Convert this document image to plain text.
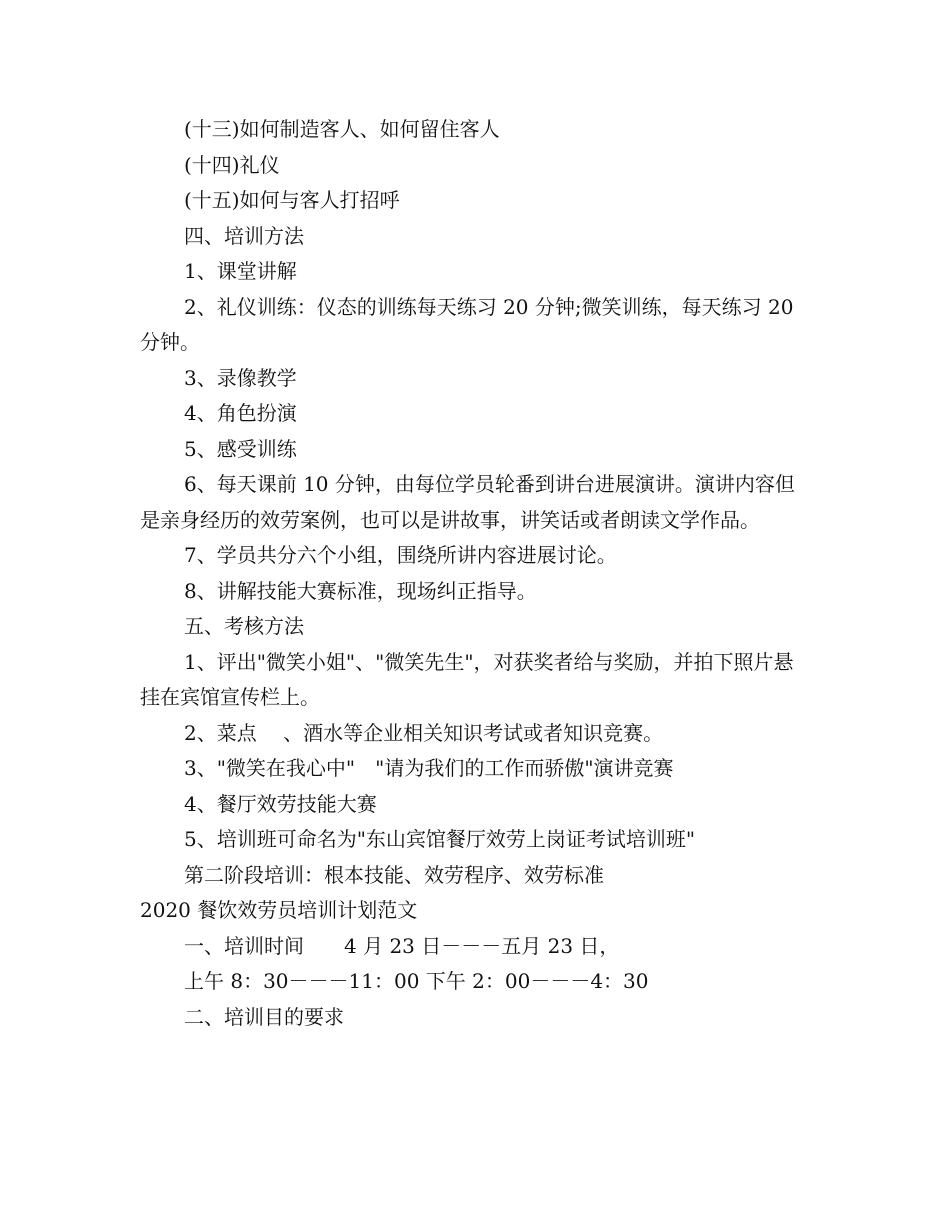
(十三)如何制造客人、如何留住客人

(十四)礼仪

(十五)如何与客人打招呼

四、培训方法

1、课堂讲解

2、礼仪训练：仪态的训练每天练习 20 分钟;微笑训练，每天练习 20 分钟。

3、录像教学

4、角色扮演

5、感受训练

6、每天课前 10 分钟，由每位学员轮番到讲台进展演讲。演讲内容但是亲身经历的效劳案例，也可以是讲故事，讲笑话或者朗读文学作品。

7、学员共分六个小组，围绕所讲内容进展讨论。

8、讲解技能大赛标准，现场纠正指导。

五、考核方法

1、评出"微笑小姐"、"微笑先生"，对获奖者给与奖励，并拍下照片悬挂在宾馆宣传栏上。

2、菜点　 、酒水等企业相关知识考试或者知识竞赛。

3、"微笑在我心中"　"请为我们的工作而骄傲"演讲竞赛

4、餐厅效劳技能大赛

5、培训班可命名为"东山宾馆餐厅效劳上岗证考试培训班"

第二阶段培训：根本技能、效劳程序、效劳标准

2020 餐饮效劳员培训计划范文

一、培训时间　　4 月 23 日－－－五月 23 日，

上午 8：30－－－11：00 下午 2：00－－－4：30

二、培训目的要求
